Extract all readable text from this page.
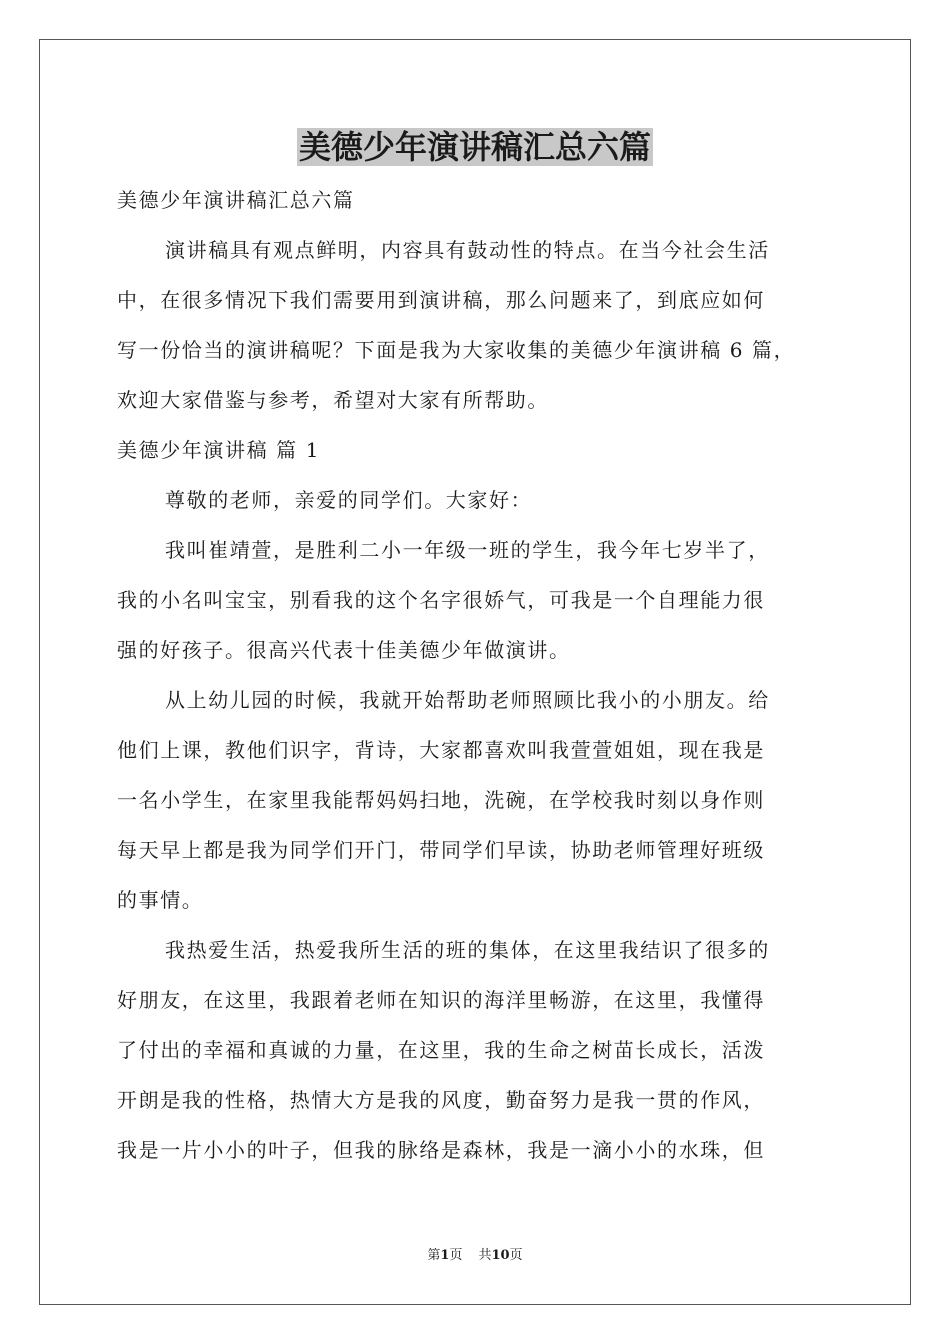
美德少年演讲稿汇总六篇

美德少年演讲稿汇总六篇

演讲稿具有观点鲜明，内容具有鼓动性的特点。在当今社会生活

中，在很多情况下我们需要用到演讲稿，那么问题来了，到底应如何

写一份恰当的演讲稿呢？下面是我为大家收集的美德少年演讲稿 6 篇，

欢迎大家借鉴与参考，希望对大家有所帮助。

美德少年演讲稿 篇 1

尊敬的老师，亲爱的同学们。大家好：

我叫崔靖萱，是胜利二小一年级一班的学生，我今年七岁半了，

我的小名叫宝宝，别看我的这个名字很娇气，可我是一个自理能力很

强的好孩子。很高兴代表十佳美德少年做演讲。

从上幼儿园的时候，我就开始帮助老师照顾比我小的小朋友。给

他们上课，教他们识字，背诗，大家都喜欢叫我萱萱姐姐，现在我是

一名小学生，在家里我能帮妈妈扫地，洗碗，在学校我时刻以身作则

每天早上都是我为同学们开门，带同学们早读，协助老师管理好班级

的事情。

我热爱生活，热爱我所生活的班的集体，在这里我结识了很多的

好朋友，在这里，我跟着老师在知识的海洋里畅游，在这里，我懂得

了付出的幸福和真诚的力量，在这里，我的生命之树苗长成长，活泼

开朗是我的性格，热情大方是我的风度，勤奋努力是我一贯的作风，

我是一片小小的叶子，但我的脉络是森林，我是一滴小小的水珠，但

第1页 共10页
